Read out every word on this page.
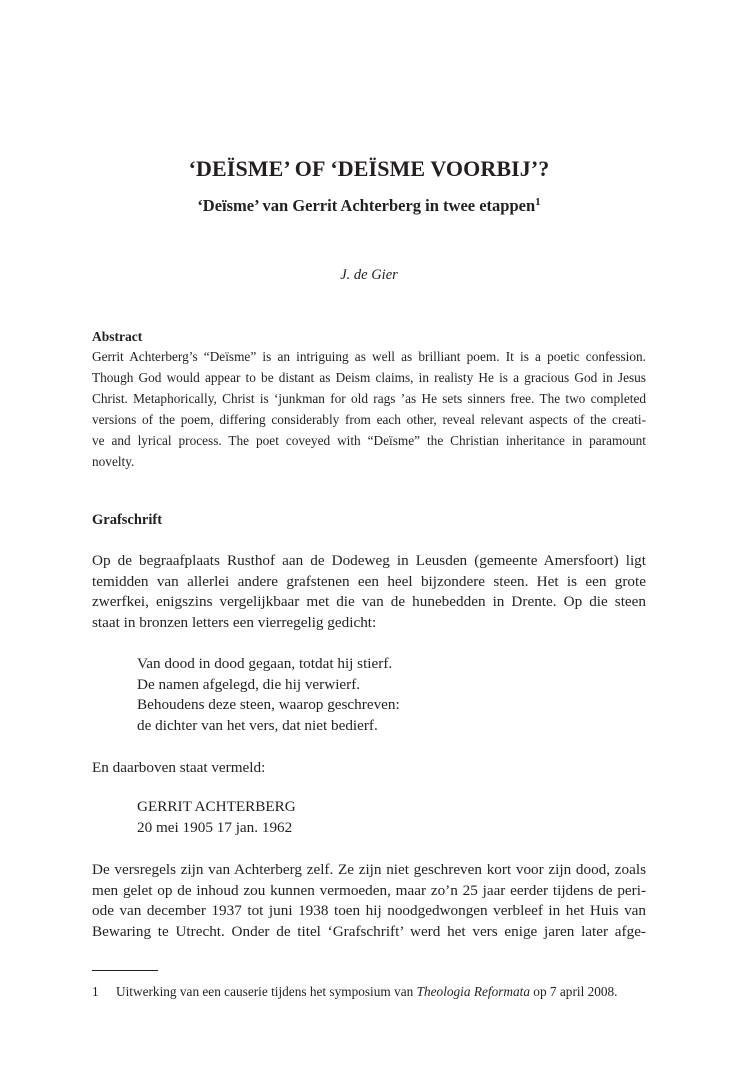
‘DEÏSME’ OF ‘DEÏSME VOORBIJ’?
‘Deïsme’ van Gerrit Achterberg in twee etappen$^1$
J. de Gier
Abstract
Gerrit Achterberg’s “Deïsme” is an intriguing as well as brilliant poem. It is a poetic confession.
Though God would appear to be distant as Deism claims, in realisty He is a gracious God in Jesus
Christ. Metaphorically, Christ is ‘junkman for old rags ’as He sets sinners free. The two completed
versions of the poem, differing considerably from each other, reveal relevant aspects of the creati-
ve and lyrical process. The poet coveyed with “Deïsme” the Christian inheritance in paramount
novelty.
Grafschrift
Op de begraafplaats Rusthof aan de Dodeweg in Leusden (gemeente Amersfoort) ligt
temidden van allerlei andere grafstenen een heel bijzondere steen. Het is een grote
zwerfkei, enigszins vergelijkbaar met die van de hunebedden in Drente. Op die steen
staat in bronzen letters een vierregelig gedicht:
Van dood in dood gegaan, totdat hij stierf.
De namen afgelegd, die hij verwierf.
Behoudens deze steen, waarop geschreven:
de dichter van het vers, dat niet bedierf.
En daarboven staat vermeld:
GERRIT ACHTERBERG
20 mei 1905 17 jan. 1962
De versregels zijn van Achterberg zelf. Ze zijn niet geschreven kort voor zijn dood, zoals
men gelet op de inhoud zou kunnen vermoeden, maar zo’n 25 jaar eerder tijdens de peri-
ode van december 1937 tot juni 1938 toen hij noodgedwongen verbleef in het Huis van
Bewaring te Utrecht. Onder de titel ‘Grafschrift’ werd het vers enige jaren later afge-
1 Uitwerking van een causerie tijdens het symposium van Theologia Reformata op 7 april 2008.
